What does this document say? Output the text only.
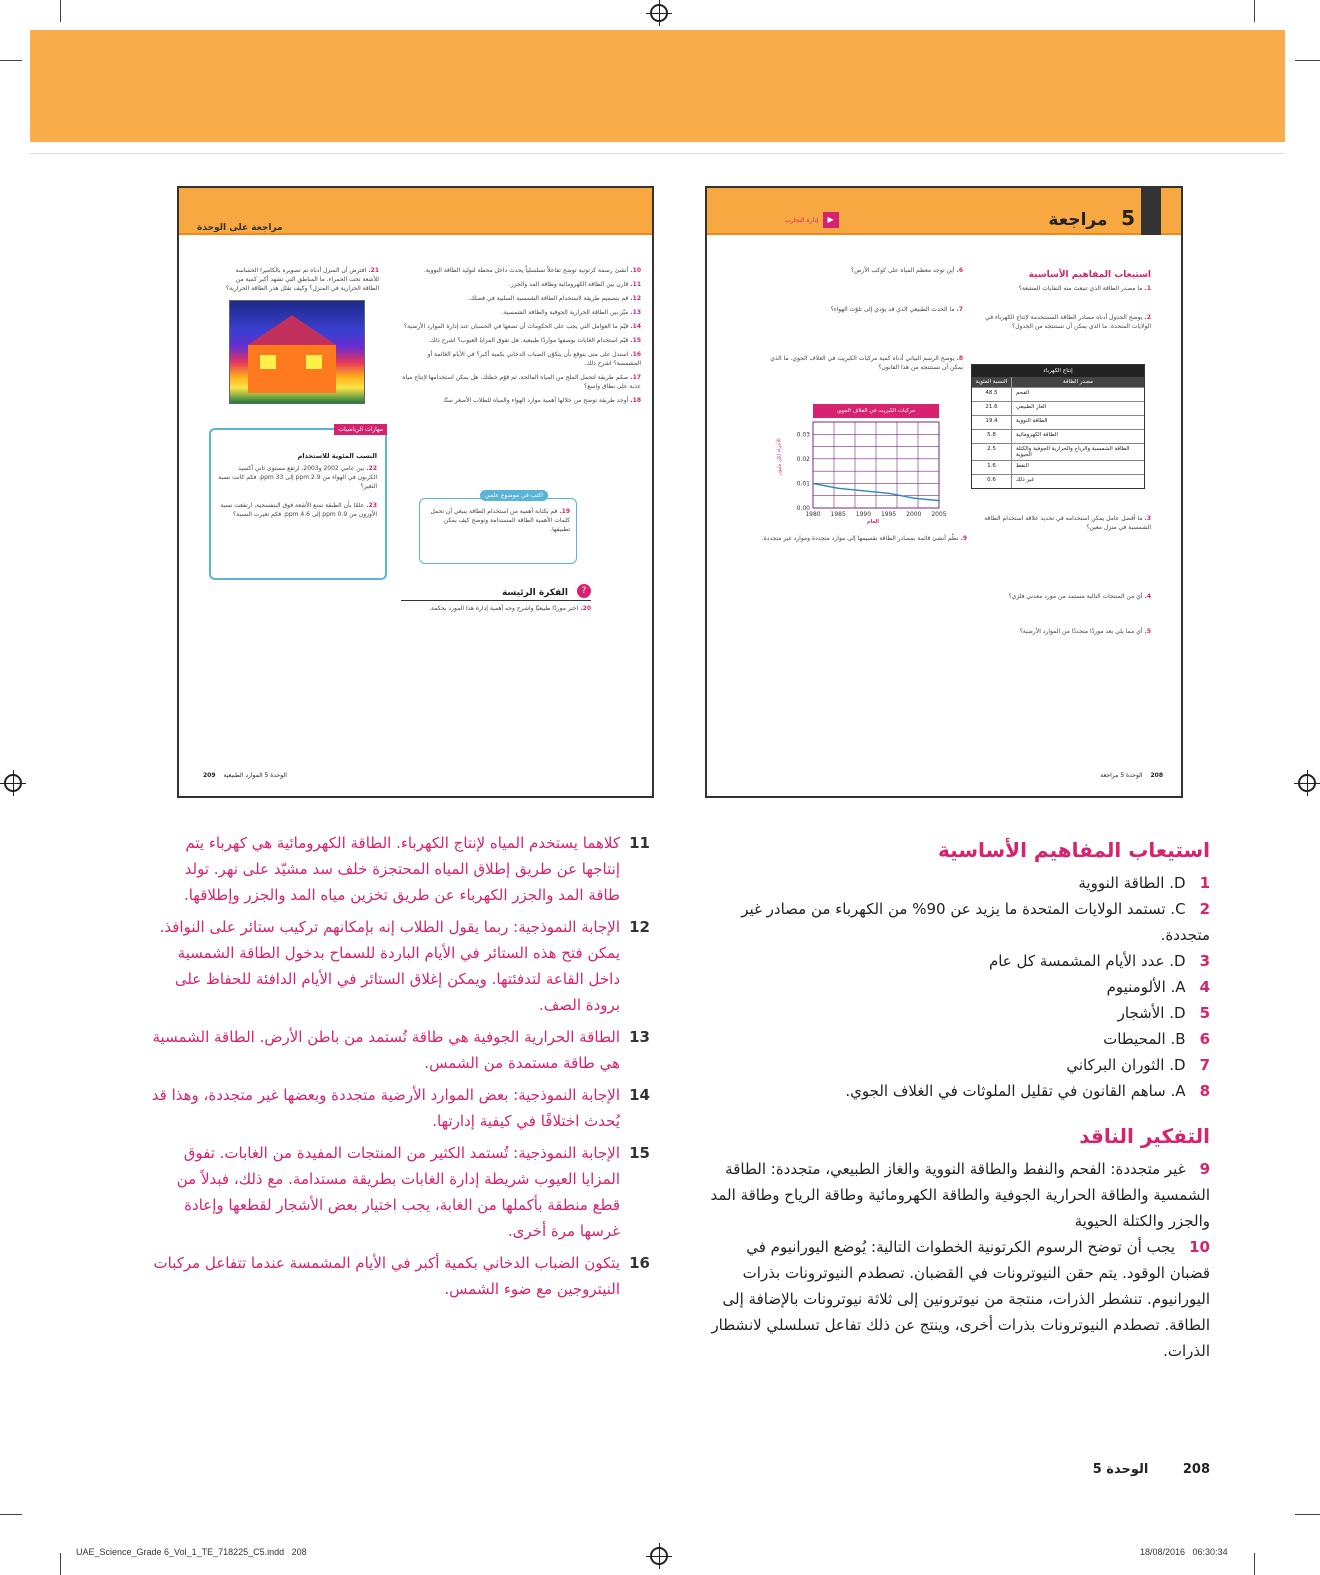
مراجعة على الوحدة
10. أنشئ رسمة كرتونية توضح تفاعلاً تسلسلياً يحدث داخل محطة لتوليد الطاقة النووية.
11. قارن بين الطاقة الكهرومائية وطاقة المد والجزر.
12. قم بتصميم طريقة لاستخدام الطاقة الشمسية السلبية في فصلك.
13. ميّز بين الطاقة الحرارية الجوفية والطاقة الشمسية.
14. قيّم ما العوامل التي يجب على الحكومات أن تضعها في الحسبان عند إدارة الموارد الأرضية؟
15. قيّم استخدام الغابات بوصفها مواردًا طبيعية. هل تفوق المزايا العيوب؟ اشرح ذلك.
16. استدل على متى يتوقع بأن يتكوّن الضباب الدخاني بكمية أكبر؟ في الأيام الغائمة أو المشمسة؟ اشرح ذلك.
17. صمّم طريقة لتحمل الملح من المياه المالحة، ثم قوّم خطتك. هل يمكن استخدامها لإنتاج مياه عذبة على نطاق واسع؟
18. أوجد طريقة توضح من خلالها أهمية موارد الهواء والمياه للطلاب الأصغر سنًا.
21. افترض أن المنزل أدناه تم تصويره بالكاميرا الحساسة للأشعة تحت الحمراء. ما المناطق التي تشهد أكبر كمية من الطاقة الحرارية في المنزل؟ وكيف تقلل هدر الطاقة الحرارية؟
مهارات الرياضيات
النسب المئوية للاستخدام
22. بين عامي 2002 و2003، ارتفع مستوى ثاني أكسيد الكربون في الهواء من 2.9 ppm إلى 33 ppm. فكم كانت نسبة التغير؟
23. علمًا بأن الطبقة تمنع الأشعة فوق البنفسجية، ارتفعت نسبة الأوزون من 0.9 ppm إلى 4.6 ppm. فكم تغيرت النسبة؟
اكتب في موضوع علمي
19. قم بكتابة أهمية من استخدام الطاقة ينبغي أن تحمل كلمات الأهمية الطاقة المستدامة وتوضح كيف يمكن تطبيقها.
? الفكرة الرئيسة
20. اختر موردًا طبيعيًا واشرح وجه أهمية إدارة هذا المورد بحكمة.
209 الوحدة 5 الموارد الطبيعية
5 مراجعة
▶
إدارة التجارب
استيعاب المفاهيم الأساسية
1. ما مصدر الطاقة الذي تنبعث منه النفايات المشعة؟
2. يوضح الجدول أدناه مصادر الطاقة المستخدمة لإنتاج الكهرباء في الولايات المتحدة. ما الذي يمكن أن تستنتجه من الجدول؟
إنتاج الكهرباء
مصدر الطاقة
النسبة المئوية
الفحم
48.5
الغاز الطبيعي
21.6
الطاقة النووية
19.4
الطاقة الكهرومائية
5.8
الطاقة الشمسية والرياح والحرارية الجوفية والكتلة الحيوية
2.5
النفط
1.6
غير ذلك
0.6
3. ما أفضل عامل يمكن استخدامه في تحديد علاقة استخدام الطاقة الشمسية في منزل معين؟
4. أي من المنتجات التالية مستمد من مورد معدني فلزي؟
5. أي مما يلي يعد موردًا متجددًا من الموارد الأرضية؟
6. أين توجد معظم المياه على كوكب الأرض؟
7. ما الحدث الطبيعي الذي قد يؤدي إلى تلوّث الهواء؟
8. يوضح الرسم البياني أدناه كمية مركبات الكبريت في الغلاف الجوي. ما الذي يمكن أن تستنتجه من هذا القانون؟
مركبات الكبريت في الغلاف الجوي
0.00
0.01
0.02
0.03
1980 1985 1990 1995 2000 2005
الأجزاء لكل مليون
العام
9. نظّم أنشئ قائمة بمصادر الطاقة تقسيمها إلى موارد متجددة وموارد غير متجددة.
208 الوحدة 5 مراجعة
استيعاب المفاهيم الأساسية
1D. الطاقة النووية
2C. تستمد الولايات المتحدة ما يزيد عن 90% من الكهرباء من مصادر غير متجددة.
3D. عدد الأيام المشمسة كل عام
4A. الألومنيوم
5D. الأشجار
6B. المحيطات
7D. الثوران البركاني
8A. ساهم القانون في تقليل الملوثات في الغلاف الجوي.
التفكير الناقد
9غير متجددة: الفحم والنفط والطاقة النووية والغاز الطبيعي، متجددة: الطاقة الشمسية والطاقة الحرارية الجوفية والطاقة الكهرومائية وطاقة الرياح وطاقة المد والجزر والكتلة الحيوية
10يجب أن توضح الرسوم الكرتونية الخطوات التالية: يُوضع اليورانيوم في قضبان الوقود. يتم حقن النيوترونات في القضبان. تصطدم النيوترونات بذرات اليورانيوم. تنشطر الذرات، منتجة من نيوترونين إلى ثلاثة نيوترونات بالإضافة إلى الطاقة. تصطدم النيوترونات بذرات أخرى، وينتج عن ذلك تفاعل تسلسلي لانشطار الذرات.
11
كلاهما يستخدم المياه لإنتاج الكهرباء. الطاقة الكهرومائية هي كهرباء يتم إنتاجها عن طريق إطلاق المياه المحتجزة خلف سد مشيّد على نهر. تولد طاقة المد والجزر الكهرباء عن طريق تخزين مياه المد والجزر وإطلاقها.
12
الإجابة النموذجية: ربما يقول الطلاب إنه بإمكانهم تركيب ستائر على النوافذ. يمكن فتح هذه الستائر في الأيام الباردة للسماح بدخول الطاقة الشمسية داخل القاعة لتدفئتها. ويمكن إغلاق الستائر في الأيام الدافئة للحفاظ على برودة الصف.
13
الطاقة الحرارية الجوفية هي طاقة تُستمد من باطن الأرض. الطاقة الشمسية هي طاقة مستمدة من الشمس.
14
الإجابة النموذجية: بعض الموارد الأرضية متجددة وبعضها غير متجددة، وهذا قد يُحدث اختلافًا في كيفية إدارتها.
15
الإجابة النموذجية: تُستمد الكثير من المنتجات المفيدة من الغابات. تفوق المزايا العيوب شريطة إدارة الغابات بطريقة مستدامة. مع ذلك، فبدلاً من قطع منطقة بأكملها من الغابة، يجب اختيار بعض الأشجار لقطعها وإعادة غرسها مرة أخرى.
16
يتكون الضباب الدخاني بكمية أكبر في الأيام المشمسة عندما تتفاعل مركبات النيتروجين مع ضوء الشمس.
208 الوحدة 5
UAE_Science_Grade 6_Vol_1_TE_718225_C5.indd   208	18/08/2016   06:30:34
